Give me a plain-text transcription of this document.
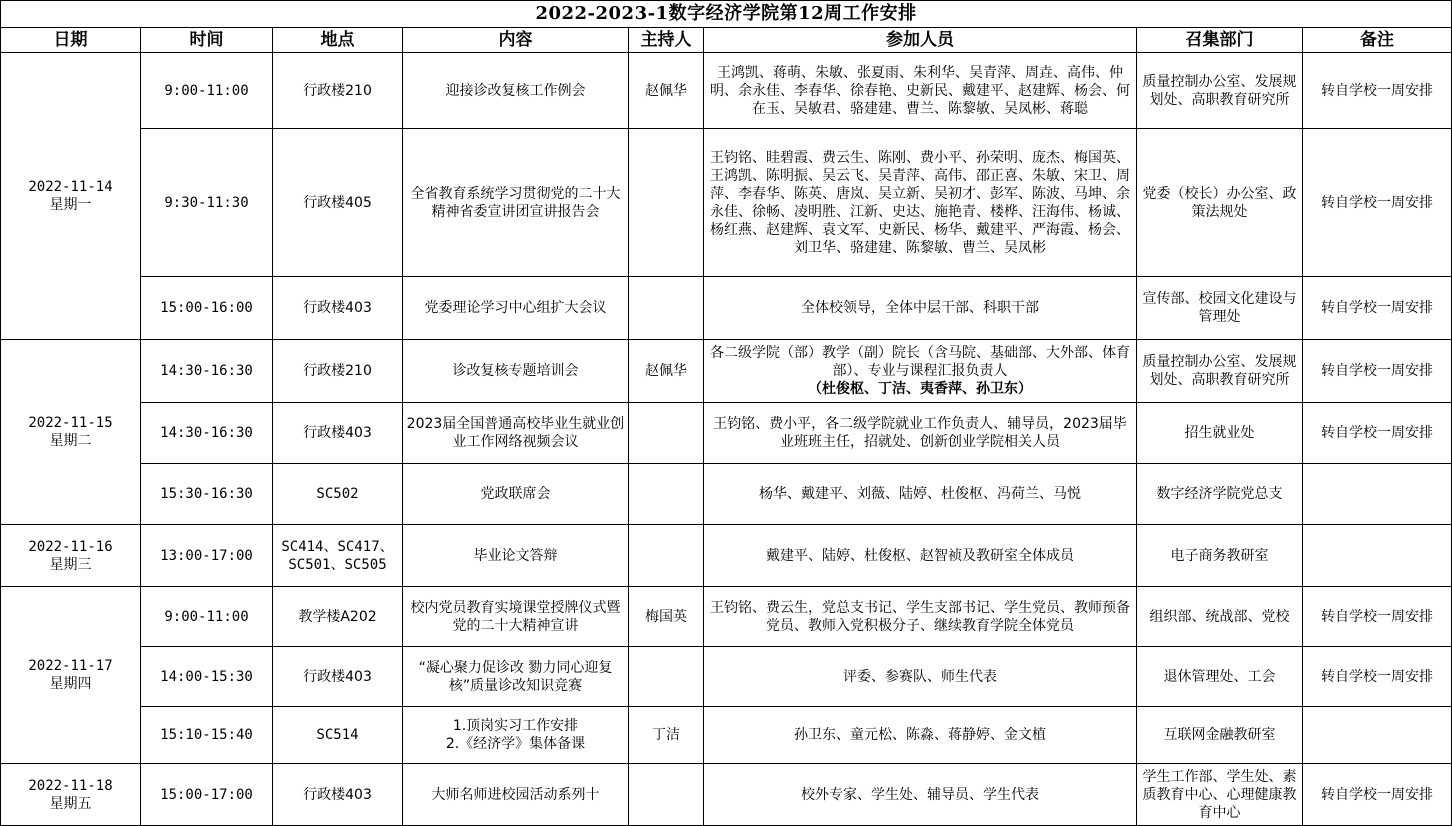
2022-2023-1数字经济学院第12周工作安排							
日期	时间	地点	内容	主持人	参加人员	召集部门	备注

2022-11-14
星期一	9:00-11:00	行政楼210	迎接诊改复核工作例会	赵佩华	王鸿凯、蒋萌、朱敏、张夏雨、朱利华、吴青萍、周垚、高伟、仲明、余永佳、李春华、徐春艳、史新民、戴建平、赵建辉、杨会、何在玉、吴敏君、骆建建、曹兰、陈黎敏、吴凤彬、蒋聪	质量控制办公室、发展规划处、高职教育研究所	转自学校一周安排
	9:30-11:30	行政楼405	全省教育系统学习贯彻党的二十大精神省委宣讲团宣讲报告会		王钧铭、眭碧霞、费云生、陈刚、费小平、孙荣明、庞杰、梅国英、王鸿凯、陈明振、吴云飞、吴青萍、高伟、邵正喜、朱敏、宋卫、周萍、李春华、陈英、唐岚、吴立新、吴初才、彭军、陈波、马坤、余永佳、徐畅、凌明胜、江新、史达、施艳青、楼桦、汪海伟、杨诚、杨红燕、赵建辉、袁文军、史新民、杨华、戴建平、严海霞、杨会、刘卫华、骆建建、陈黎敏、曹兰、吴凤彬	党委（校长）办公室、政策法规处	转自学校一周安排
	15:00-16:00	行政楼403	党委理论学习中心组扩大会议		全体校领导，全体中层干部、科职干部	宣传部、校园文化建设与管理处	转自学校一周安排

2022-11-15
星期二	14:30-16:30	行政楼210	诊改复核专题培训会	赵佩华	各二级学院（部）教学（副）院长（含马院、基础部、大外部、体育部）、专业与课程汇报负责人
（杜俊枢、丁洁、夷香萍、孙卫东）	质量控制办公室、发展规划处、高职教育研究所	转自学校一周安排
	14:30-16:30	行政楼403	2023届全国普通高校毕业生就业创业工作网络视频会议		王钧铭、费小平，各二级学院就业工作负责人、辅导员，2023届毕业班班主任，招就处、创新创业学院相关人员	招生就业处	转自学校一周安排
	15:30-16:30	SC502	党政联席会		杨华、戴建平、刘薇、陆婷、杜俊枢、冯荷兰、马悦	数字经济学院党总支	

2022-11-16
星期三	13:00-17:00	SC414、SC417、
SC501、SC505	毕业论文答辩		戴建平、陆婷、杜俊枢、赵智祯及教研室全体成员	电子商务教研室	

2022-11-17
星期四	9:00-11:00	教学楼A202	校内党员教育实境课堂授牌仪式暨党的二十大精神宣讲	梅国英	王钧铭、费云生，党总支书记、学生支部书记、学生党员、教师预备党员、教师入党积极分子、继续教育学院全体党员	组织部、统战部、党校	转自学校一周安排
	14:00-15:30	行政楼403	“凝心聚力促诊改 勠力同心迎复核”质量诊改知识竞赛		评委、参赛队、师生代表	退休管理处、工会	转自学校一周安排
	15:10-15:40	SC514	1.顶岗实习工作安排
2.《经济学》集体备课	丁洁	孙卫东、童元松、陈淼、蒋静婷、金文植	互联网金融教研室	

2022-11-18
星期五	15:00-17:00	行政楼403	大师名师进校园活动系列十		校外专家、学生处、辅导员、学生代表	学生工作部、学生处、素质教育中心、心理健康教育中心	转自学校一周安排
